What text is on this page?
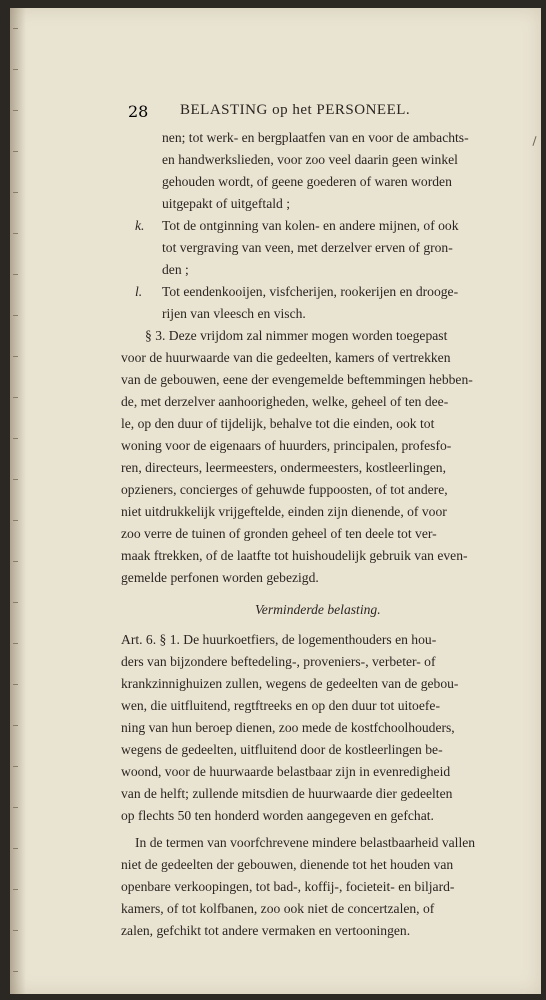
28 BELASTING op het PERSONEEL.
nen; tot werk- en bergplaatfen van en voor de ambachts-
en handwerkslieden, voor zoo veel daarin geen winkel
gehouden wordt, of geene goederen of waren worden
uitgepakt of uitgeftald ;
k. Tot de ontginning van kolen- en andere mijnen, of ook
tot vergraving van veen, met derzelver erven of gron-
den ;
l. Tot eendenkooijen, visfcherijen, rookerijen en drooge-
rijen van vleesch en visch.
§ 3. Deze vrijdom zal nimmer mogen worden toegepast
voor de huurwaarde van die gedeelten, kamers of vertrekken
van de gebouwen, eene der evengemelde beftemmingen hebben-
de, met derzelver aanhoorigheden, welke, geheel of ten dee-
le, op den duur of tijdelijk, behalve tot die einden, ook tot
woning voor de eigenaars of huurders, principalen, profesfo-
ren, directeurs, leermeesters, ondermeesters, kostleerlingen,
opzieners, concierges of gehuwde fuppoosten, of tot andere,
niet uitdrukkelijk vrijgeftelde, einden zijn dienende, of voor
zoo verre de tuinen of gronden geheel of ten deele tot ver-
maak ftrekken, of de laatfte tot huishoudelijk gebruik van even-
gemelde perfonen worden gebezigd.
Verminderde belasting.
Art. 6. § 1. De huurkoetfiers, de logementhouders en hou-
ders van bijzondere beftedeling-, proveniers-, verbeter- of
krankzinnighuizen zullen, wegens de gedeelten van de gebou-
wen, die uitfluitend, regtftreeks en op den duur tot uitoefe-
ning van hun beroep dienen, zoo mede de kostfchoolhouders,
wegens de gedeelten, uitfluitend door de kostleerlingen be-
woond, voor de huurwaarde belastbaar zijn in evenredigheid
van de helft; zullende mitsdien de huurwaarde dier gedeelten
op flechts 50 ten honderd worden aangegeven en gefchat.
In de termen van voorfchrevene mindere belastbaarheid vallen
niet de gedeelten der gebouwen, dienende tot het houden van
openbare verkoopingen, tot bad-, koffij-, focieteit- en biljard-
kamers, of tot kolfbanen, zoo ook niet de concertzalen, of
zalen, gefchikt tot andere vermaken en vertooningen.
